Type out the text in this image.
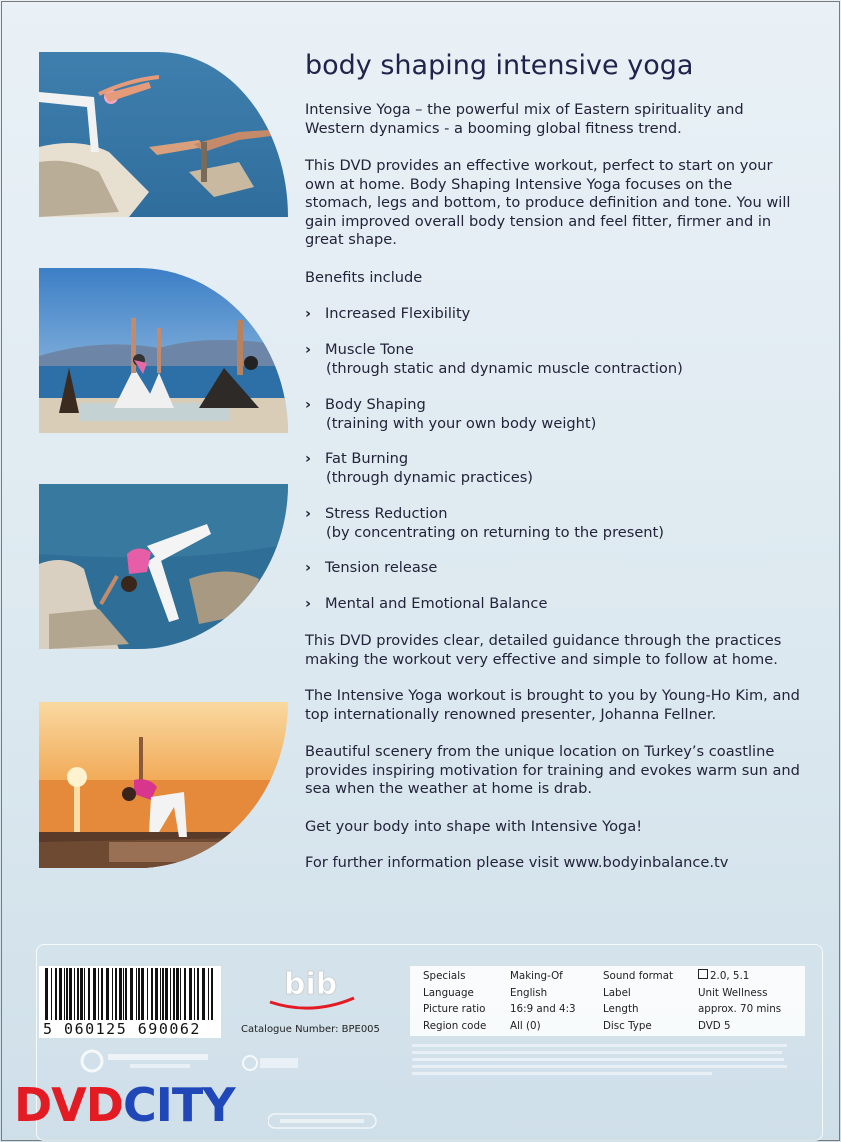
body shaping intensive yoga

Intensive Yoga – the powerful mix of Eastern spirituality and Western dynamics - a booming global fitness trend.

This DVD provides an effective workout, perfect to start on your own at home. Body Shaping Intensive Yoga focuses on the stomach, legs and bottom, to produce definition and tone. You will gain improved overall body tension and feel fitter, firmer and in great shape.

Benefits include

› Increased Flexibility
› Muscle Tone
(through static and dynamic muscle contraction)
› Body Shaping
(training with your own body weight)
› Fat Burning
(through dynamic practices)
› Stress Reduction
(by concentrating on returning to the present)
› Tension release
› Mental and Emotional Balance

This DVD provides clear, detailed guidance through the practices making the workout very effective and simple to follow at home.

The Intensive Yoga workout is brought to you by Young-Ho Kim, and top internationally renowned presenter, Johanna Fellner.

Beautiful scenery from the unique location on Turkey’s coastline provides inspiring motivation for training and evokes warm sun and sea when the weather at home is drab.

Get your body into shape with Intensive Yoga!

For further information please visit www.bodyinbalance.tv

5 060125 690062
bib
Catalogue Number: BPE005
Specials
Language
Picture ratio
Region code
Making-Of
English
16:9 and 4:3
All (0)
Sound format
Label
Length
Disc Type
2.0, 5.1
Unit Wellness
approx. 70 mins
DVD 5
DVDCITY
